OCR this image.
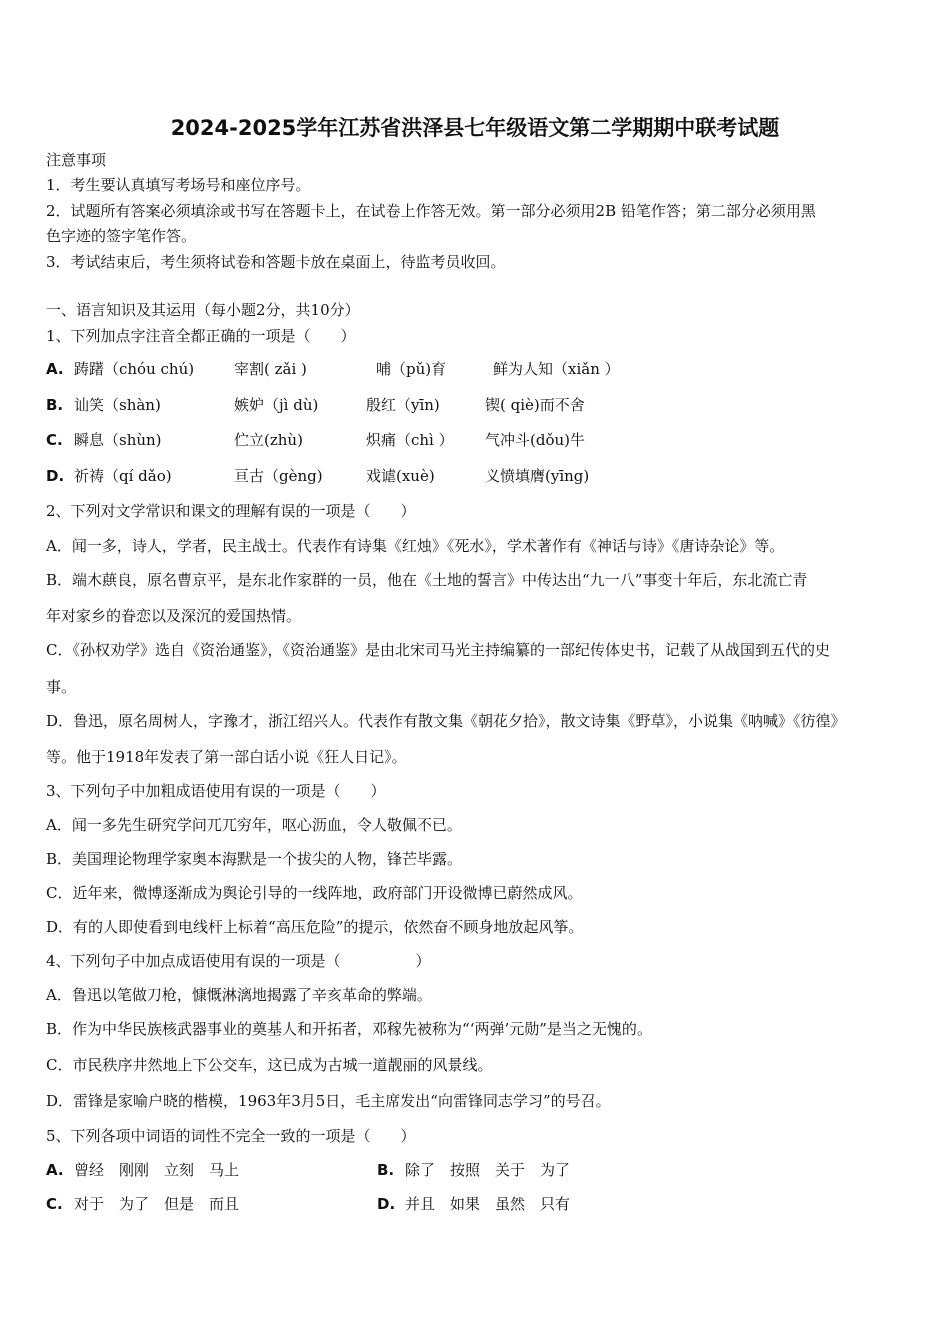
2024-2025学年江苏省洪泽县七年级语文第二学期期中联考试题
注意事项
1．考生要认真填写考场号和座位序号。
2．试题所有答案必须填涂或书写在答题卡上，在试卷上作答无效。第一部分必须用2B 铅笔作答；第二部分必须用黑
色字迹的签字笔作答。
3．考试结束后，考生须将试卷和答题卡放在桌面上，待监考员收回。
一、语言知识及其运用（每小题2分，共10分）
1、下列加点字注音全都正确的一项是（　　）
A. 踌躇（chóu chú)	宰割( zǎi )	哺（pǔ)育	鲜为人知（xiǎn ）
B. 讪笑（shàn)	嫉妒（jì dù)	殷红（yīn)	锲( qiè)而不舍
C. 瞬息（shùn)	伫立(zhù)	炽痛（chì ） 气冲斗(dǒu)牛
D. 祈祷（qí dǎo)	亘古（gèng)	戏谑(xuè)	义愤填膺(yīng)
2、下列对文学常识和课文的理解有误的一项是（　　）
A．闻一多，诗人，学者，民主战士。代表作有诗集《红烛》《死水》，学术著作有《神话与诗》《唐诗杂论》等。
B．端木蕻良，原名曹京平，是东北作家群的一员，他在《土地的誓言》中传达出“九一八”事变十年后，东北流亡青
年对家乡的眷恋以及深沉的爱国热情。
C．《孙权劝学》选自《资治通鉴》，《资治通鉴》是由北宋司马光主持编纂的一部纪传体史书，记载了从战国到五代的史
事。
D．鲁迅，原名周树人，字豫才，浙江绍兴人。代表作有散文集《朝花夕拾》，散文诗集《野草》，小说集《呐喊》《彷徨》
等。他于1918年发表了第一部白话小说《狂人日记》。
3、下列句子中加粗成语使用有误的一项是（　　）
A．闻一多先生研究学问兀兀穷年，呕心沥血，令人敬佩不已。
B．美国理论物理学家奥本海默是一个拔尖的人物，锋芒毕露。
C．近年来，微博逐渐成为舆论引导的一线阵地，政府部门开设微博已蔚然成风。
D．有的人即使看到电线杆上标着“高压危险”的提示，依然奋不顾身地放起风筝。
4、下列句子中加点成语使用有误的一项是（　　　　　）
A．鲁迅以笔做刀枪，慷慨淋漓地揭露了辛亥革命的弊端。
B．作为中华民族核武器事业的奠基人和开拓者，邓稼先被称为“‘两弹’元勋”是当之无愧的。
C．市民秩序井然地上下公交车，这已成为古城一道靓丽的风景线。
D．雷锋是家喻户晓的楷模，1963年3月5日，毛主席发出“向雷锋同志学习”的号召。
5、下列各项中词语的词性不完全一致的一项是（　　）
A. 曾经　刚刚　立刻　马上	B. 除了　按照　关于　为了
C. 对于　为了　但是　而且	D. 并且　如果　虽然　只有
